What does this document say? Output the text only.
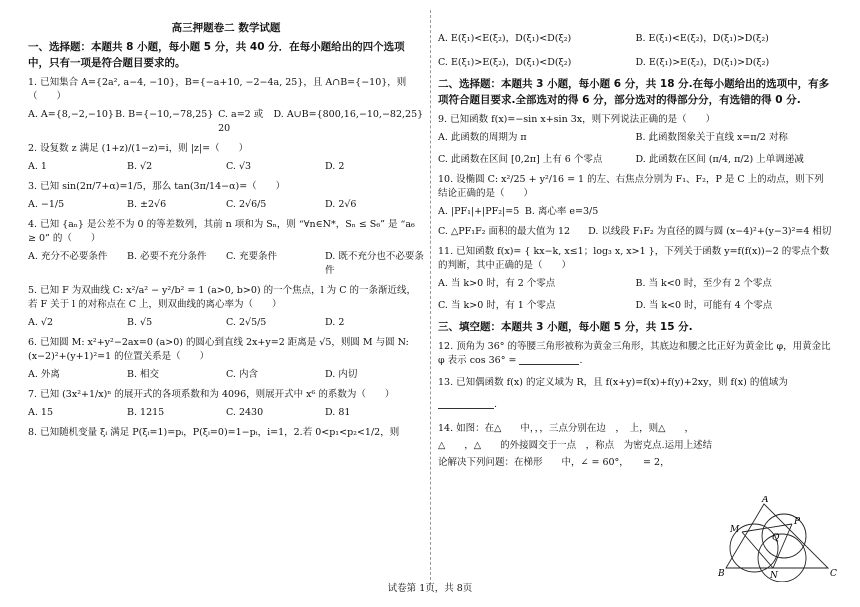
高三押题卷二 数学试题
一、选择题：本题共 8 小题，每小题 5 分，共 40 分．在每小题给出的四个选项中，只有一项是符合题目要求的。
1. 已知集合 A={2a², a−4, −10}，B={−a+10, −2−4a, 25}，且 A∩B={−10}，则（　　）
A. A={8,−2,−10} B. B={−10,−78,25} C. a=2 或 20
D. A∪B={800,16,−10,−82,25}
2. 设复数 z 满足 (1+z)/(1−z)=i，则 |z|=（　　）
A. 1	B. √2	C. √3	D. 2
3. 已知 sin(2π/7+α)=1/5，那么 tan(3π/14−α)=（　　）
A. −1/5	B. ±2√6	C. 2√6/5	D. 2√6
4. 已知 {aₙ} 是公差不为 0 的等差数列，其前 n 项和为 Sₙ，则 “∀n∈N*，Sₙ ≤ S₆” 是 “a₆ ≥ 0” 的（　　）
A. 充分不必要条件	B. 必要不充分条件	C. 充要条件	D. 既不充分也不必要条件
5. 已知 F 为双曲线 C: x²/a² − y²/b² = 1 (a>0, b>0) 的一个焦点，l 为 C 的一条渐近线，若 F 关于 l 的对称点在 C 上，则双曲线的离心率为（　　）
A. √2	B. √5	C. 2√5/5	D. 2
6. 已知圆 M: x²+y²−2ax=0 (a>0) 的圆心到直线 2x+y=2 距离是 √5，则圆 M 与圆 N: (x−2)²+(y+1)²=1 的位置关系是（　　）
A. 外离	B. 相交	C. 内含	D. 内切
7. 已知 (3x²+1/x)ⁿ 的展开式的各项系数和为 4096，则展开式中 x⁶ 的系数为（　　）
A. 15	B. 1215	C. 2430	D. 81
8. 已知随机变量 ξᵢ 满足 P(ξᵢ=1)=pᵢ，P(ξᵢ=0)=1−pᵢ，i=1，2.若 0<p₁<p₂<1/2，则
A. E(ξ₁)<E(ξ₂)，D(ξ₁)<D(ξ₂)	B. E(ξ₁)<E(ξ₂)，D(ξ₁)>D(ξ₂)
C. E(ξ₁)>E(ξ₂)，D(ξ₁)<D(ξ₂)	D. E(ξ₁)>E(ξ₂)，D(ξ₁)>D(ξ₂)
二、选择题：本题共 3 小题，每小题 6 分，共 18 分.在每小题给出的选项中，有多项符合题目要求.全部选对的得 6 分，部分选对的得部分分，有选错的得 0 分.
9. 已知函数 f(x)=−sin x+sin 3x，则下列说法正确的是（　　）
A. 此函数的周期为 π	B. 此函数图象关于直线 x=π/2 对称
C. 此函数在区间 [0,2π] 上有 6 个零点	D. 此函数在区间 (π/4, π/2) 上单调递减
10. 设椭圆 C: x²/25 + y²/16 = 1 的左、右焦点分别为 F₁、F₂，P 是 C 上的动点，则下列结论正确的是（　　）
A. |PF₁|+|PF₂|=5 B. 离心率 e=3/5
C. △PF₁F₂ 面积的最大值为 12	D. 以线段 F₁F₂ 为直径的圆与圆 (x−4)²+(y−3)²=4 相切
11. 已知函数 f(x)= { kx−k, x≤1；log₃ x, x>1 }，下列关于函数 y=f(f(x))−2 的零点个数的判断，其中正确的是（　　）
A. 当 k>0 时，有 2 个零点	B. 当 k<0 时，至少有 2 个零点
C. 当 k>0 时，有 1 个零点	D. 当 k<0 时，可能有 4 个零点
三、填空题：本题共 3 小题，每小题 5 分，共 15 分.
12. 顶角为 36° 的等腰三角形被称为黄金三角形，其底边和腰之比正好为黄金比 φ，用黄金比 φ 表示 cos 36° =	.
13. 已知偶函数 f(x) 的定义域为 R，且 f(x+y)=f(x)+f(y)+2xy，则 f(x) 的值域为
.
14. 如图：在△　　中，，，三点分别在边　，　上，则△　　，△　　，△　　的外接圆交于一点　，称点　为密克点.运用上述结论解决下列问题：在梯形　　中，∠ = 60°，　　= 2，
A
M
P
Q
N
B	C
试卷第 1页，共 8页
